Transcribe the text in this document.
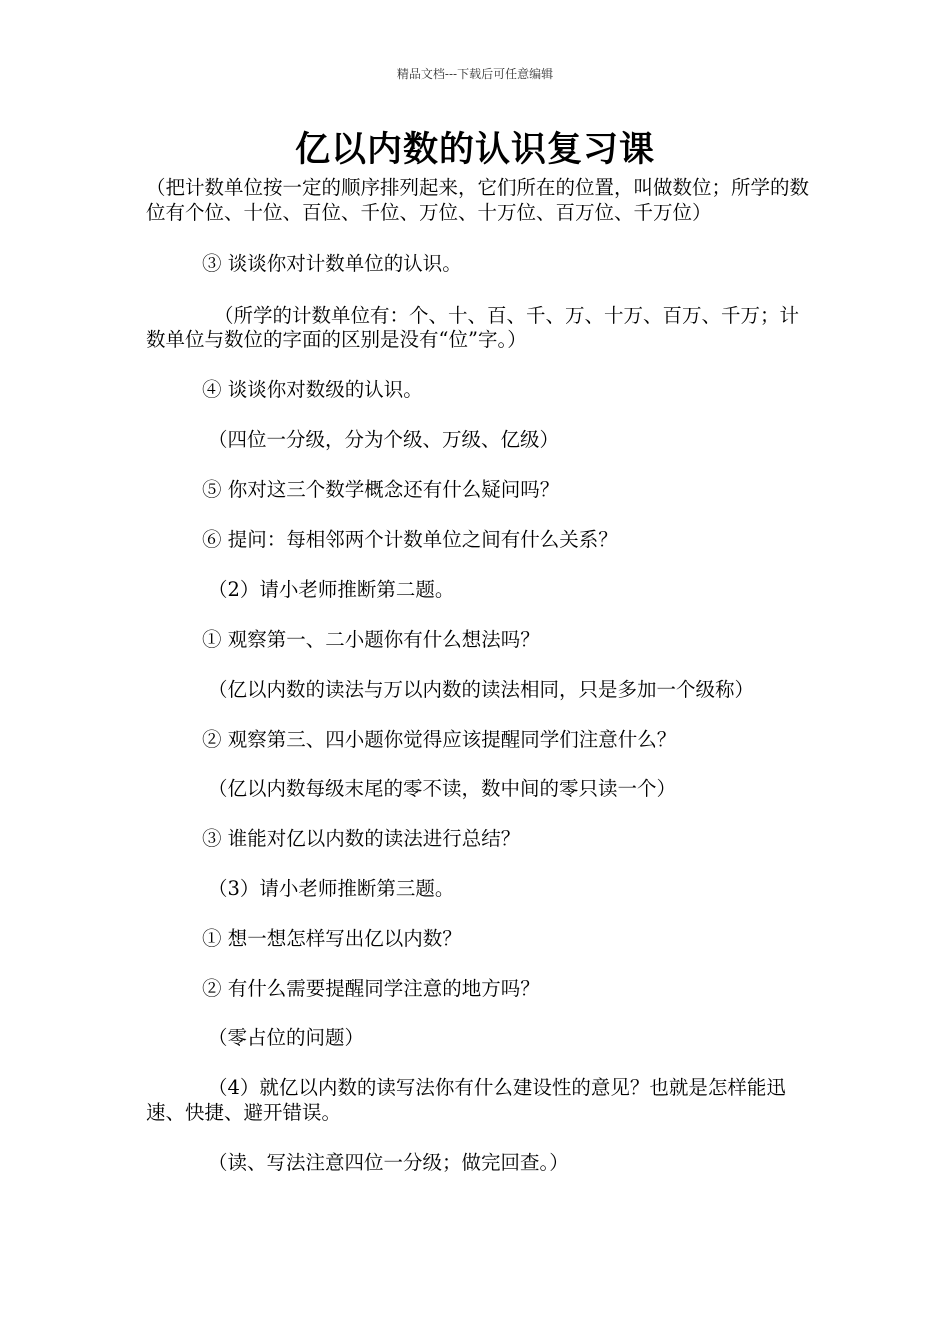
精品文档---下载后可任意编辑
亿以内数的认识复习课

（把计数单位按一定的顺序排列起来，它们所在的位置，叫做数位；所学的数位有个位、十位、百位、千位、万位、十万位、百万位、千万位）

③ 谈谈你对计数单位的认识。

（所学的计数单位有：个、十、百、千、万、十万、百万、千万；计数单位与数位的字面的区别是没有“位”字。）

④ 谈谈你对数级的认识。

（四位一分级，分为个级、万级、亿级）

⑤ 你对这三个数学概念还有什么疑问吗？

⑥ 提问：每相邻两个计数单位之间有什么关系？

（2）请小老师推断第二题。

① 观察第一、二小题你有什么想法吗？

（亿以内数的读法与万以内数的读法相同，只是多加一个级称）

② 观察第三、四小题你觉得应该提醒同学们注意什么？

（亿以内数每级末尾的零不读，数中间的零只读一个）

③ 谁能对亿以内数的读法进行总结？

（3）请小老师推断第三题。

① 想一想怎样写出亿以内数？

② 有什么需要提醒同学注意的地方吗？

（零占位的问题）

（4）就亿以内数的读写法你有什么建设性的意见？也就是怎样能迅速、快捷、避开错误。

（读、写法注意四位一分级；做完回查。）
